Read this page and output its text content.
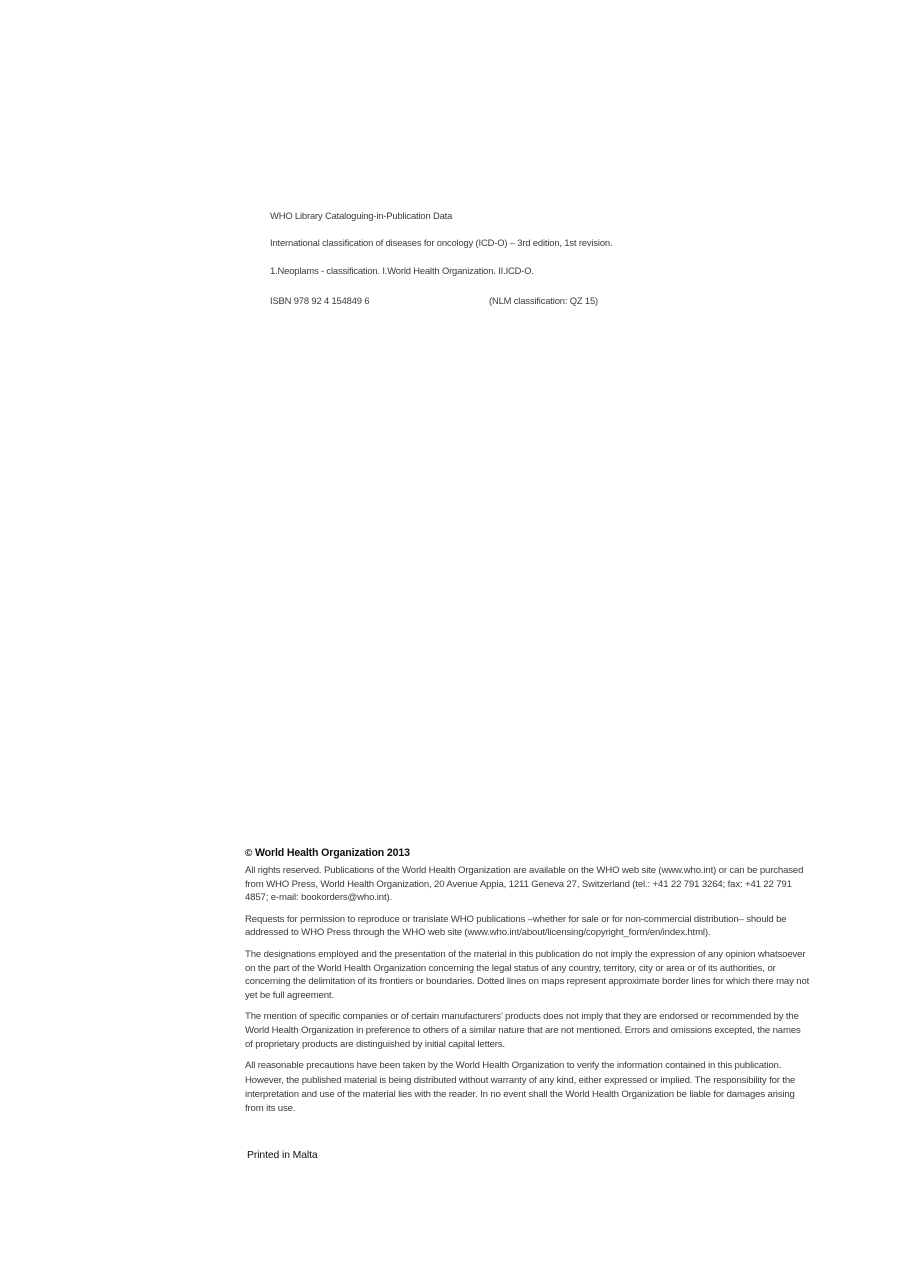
WHO Library Cataloguing-in-Publication Data
International classification of diseases for oncology (ICD-O) – 3rd edition, 1st revision.
1.Neoplams - classification. I.World Health Organization. II.ICD-O.
ISBN 978 92 4 154849 6	(NLM classification: QZ 15)
© World Health Organization 2013

All rights reserved. Publications of the World Health Organization are available on the WHO web site (www.who.int) or can be purchased from WHO Press, World Health Organization, 20 Avenue Appia, 1211 Geneva 27, Switzerland (tel.: +41 22 791 3264; fax: +41 22 791 4857; e-mail: bookorders@who.int).

Requests for permission to reproduce or translate WHO publications –whether for sale or for non-commercial distribution– should be addressed to WHO Press through the WHO web site (www.who.int/about/licensing/copyright_form/en/index.html).

The designations employed and the presentation of the material in this publication do not imply the expression of any opinion whatsoever on the part of the World Health Organization concerning the legal status of any country, territory, city or area or of its authorities, or concerning the delimitation of its frontiers or boundaries. Dotted lines on maps represent approximate border lines for which there may not yet be full agreement.

The mention of specific companies or of certain manufacturers’ products does not imply that they are endorsed or recommended by the World Health Organization in preference to others of a similar nature that are not mentioned. Errors and omissions excepted, the names of proprietary products are distinguished by initial capital letters.

All reasonable precautions have been taken by the World Health Organization to verify the information contained in this publication. However, the published material is being distributed without warranty of any kind, either expressed or implied. The responsibility for the interpretation and use of the material lies with the reader. In no event shall the World Health Organization be liable for damages arising from its use.

Printed in Malta
